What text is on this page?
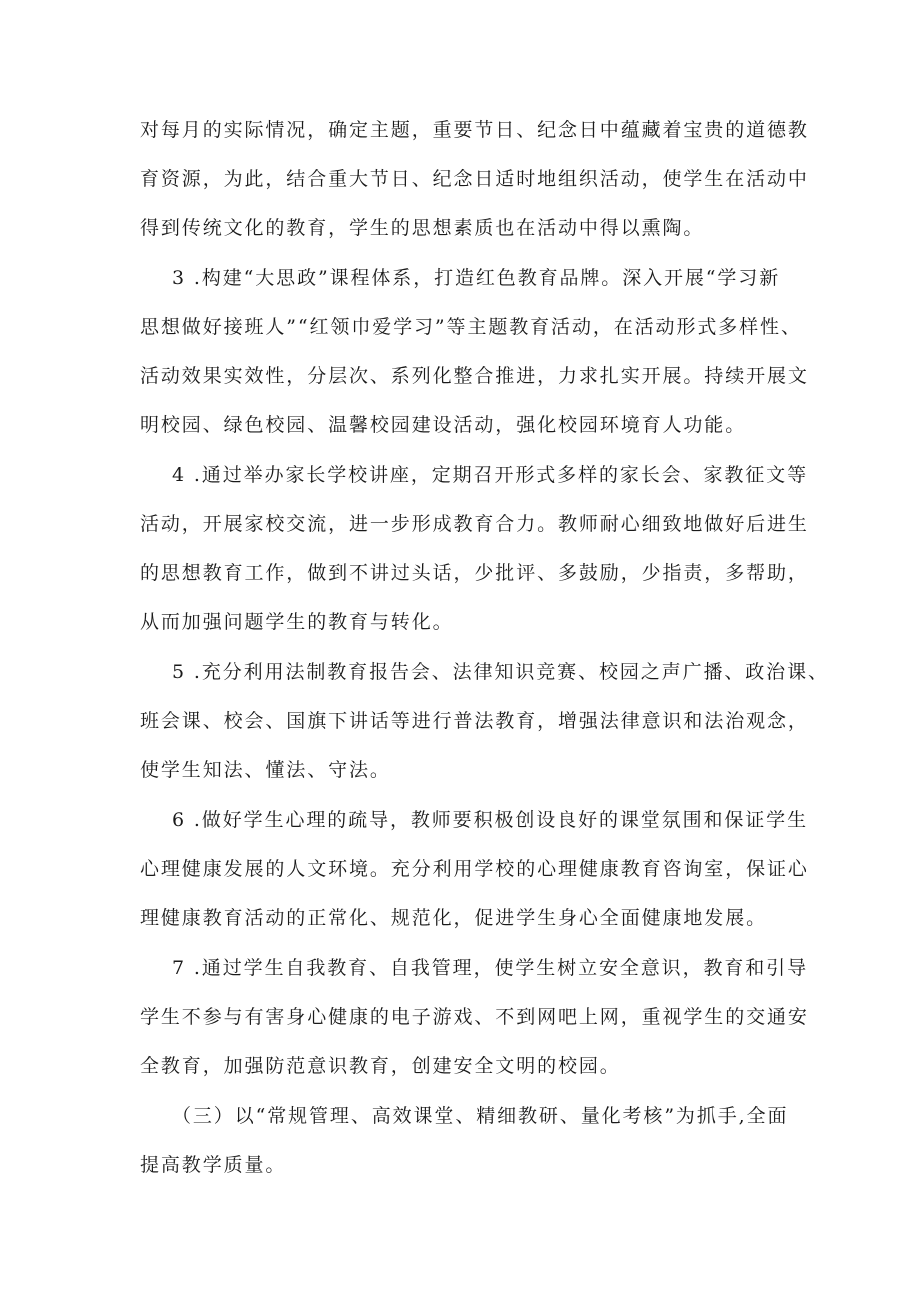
对每月的实际情况，确定主题，重要节日、纪念日中蕴藏着宝贵的道德教
育资源，为此，结合重大节日、纪念日适时地组织活动，使学生在活动中
得到传统文化的教育，学生的思想素质也在活动中得以熏陶。
3 .构建“大思政”课程体系，打造红色教育品牌。深入开展“学习新
思想做好接班人”“红领巾爱学习”等主题教育活动，在活动形式多样性、
活动效果实效性，分层次、系列化整合推进，力求扎实开展。持续开展文
明校园、绿色校园、温馨校园建设活动，强化校园环境育人功能。
4 .通过举办家长学校讲座，定期召开形式多样的家长会、家教征文等
活动，开展家校交流，进一步形成教育合力。教师耐心细致地做好后进生
的思想教育工作，做到不讲过头话，少批评、多鼓励，少指责，多帮助，
从而加强问题学生的教育与转化。
5 .充分利用法制教育报告会、法律知识竞赛、校园之声广播、政治课、
班会课、校会、国旗下讲话等进行普法教育，增强法律意识和法治观念，
使学生知法、懂法、守法。
6 .做好学生心理的疏导，教师要积极创设良好的课堂氛围和保证学生
心理健康发展的人文环境。充分利用学校的心理健康教育咨询室，保证心
理健康教育活动的正常化、规范化，促进学生身心全面健康地发展。
7 .通过学生自我教育、自我管理，使学生树立安全意识，教育和引导
学生不参与有害身心健康的电子游戏、不到网吧上网，重视学生的交通安
全教育，加强防范意识教育，创建安全文明的校园。
（三）以“常规管理、高效课堂、精细教研、量化考核”为抓手,全面
提高教学质量。
